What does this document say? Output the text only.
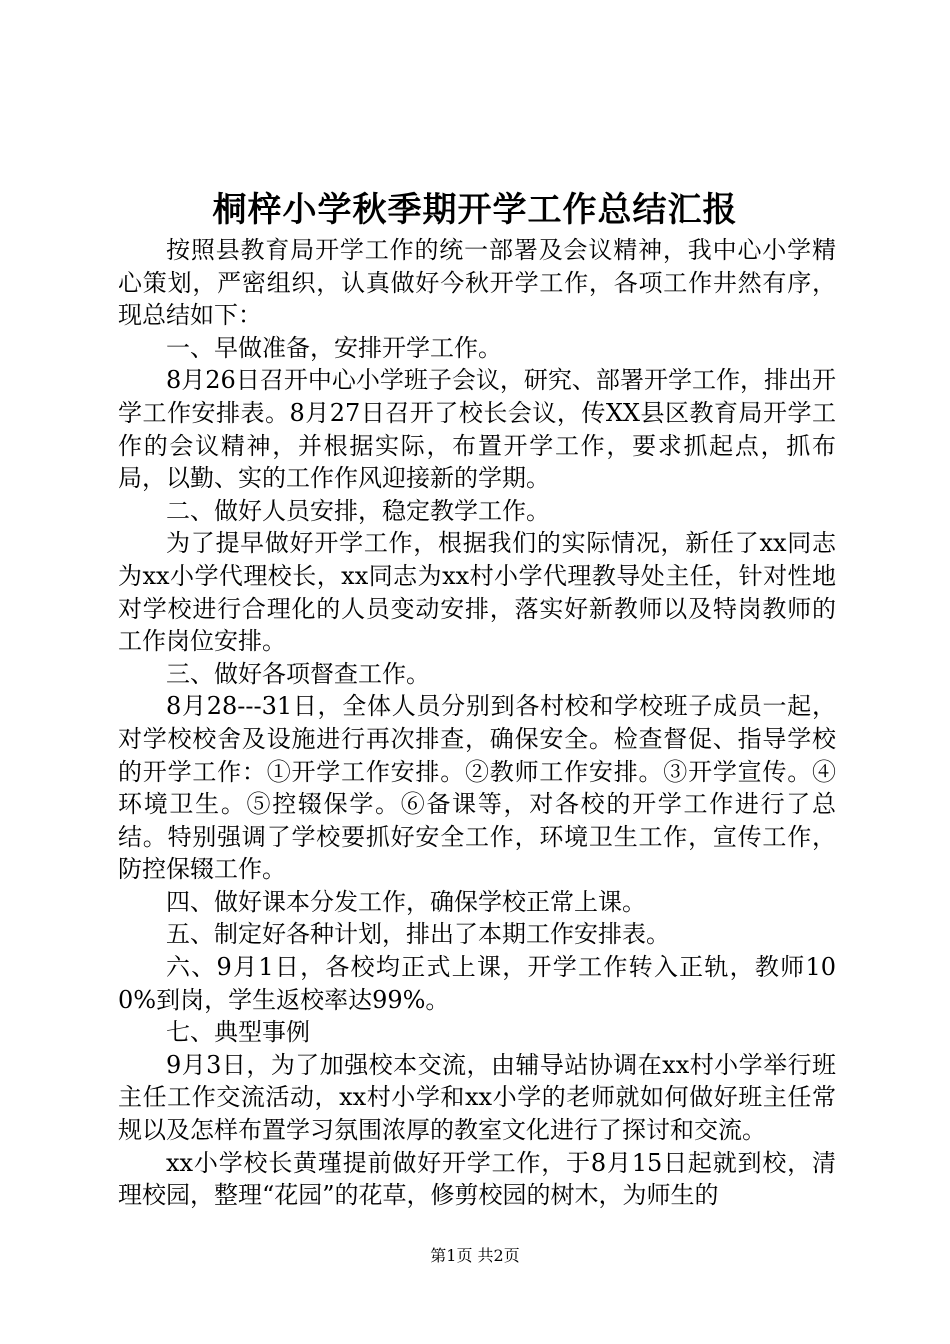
桐梓小学秋季期开学工作总结汇报

按照县教育局开学工作的统一部署及会议精神，我中心小学精心策划，严密组织，认真做好今秋开学工作，各项工作井然有序，现总结如下：

一、早做准备，安排开学工作。

8月26日召开中心小学班子会议，研究、部署开学工作，排出开学工作安排表。8月27日召开了校长会议，传XX县区教育局开学工作的会议精神，并根据实际，布置开学工作，要求抓起点，抓布局，以勤、实的工作作风迎接新的学期。

二、做好人员安排，稳定教学工作。

为了提早做好开学工作，根据我们的实际情况，新任了xx同志为xx小学代理校长，xx同志为xx村小学代理教导处主任，针对性地对学校进行合理化的人员变动安排，落实好新教师以及特岗教师的工作岗位安排。

三、做好各项督查工作。

8月28---31日，全体人员分别到各村校和学校班子成员一起，对学校校舍及设施进行再次排查，确保安全。检查督促、指导学校的开学工作：①开学工作安排。②教师工作安排。③开学宣传。④环境卫生。⑤控辍保学。⑥备课等，对各校的开学工作进行了总结。特别强调了学校要抓好安全工作，环境卫生工作，宣传工作，防控保辍工作。

四、做好课本分发工作，确保学校正常上课。

五、制定好各种计划，排出了本期工作安排表。

六、9月1日，各校均正式上课，开学工作转入正轨，教师100%到岗，学生返校率达99%。

七、典型事例

9月3日，为了加强校本交流，由辅导站协调在xx村小学举行班主任工作交流活动，xx村小学和xx小学的老师就如何做好班主任常规以及怎样布置学习氛围浓厚的教室文化进行了探讨和交流。

xx小学校长黄瑾提前做好开学工作，于8月15日起就到校，清理校园，整理“花园”的花草，修剪校园的树木，为师生的

第1页 共2页
